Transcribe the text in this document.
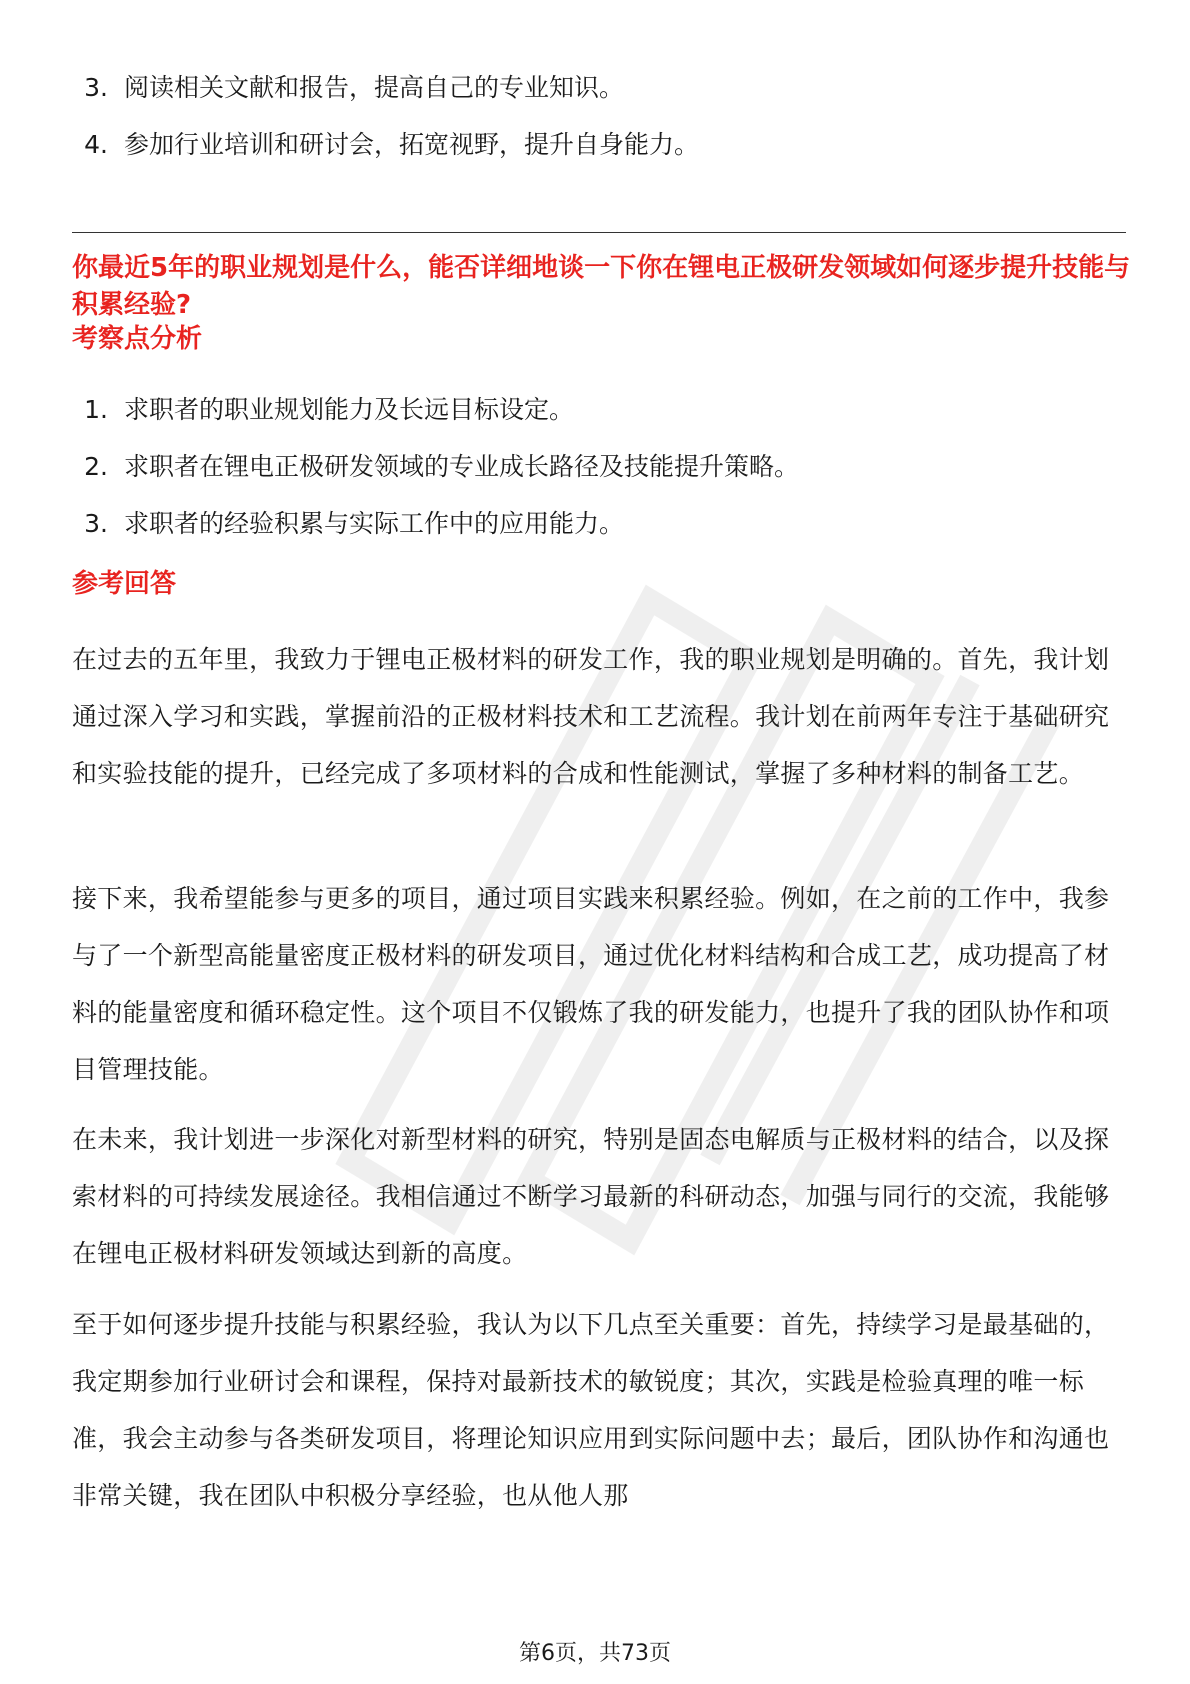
3. 阅读相关文献和报告，提高自己的专业知识。
4. 参加行业培训和研讨会，拓宽视野，提升自身能力。

你最近5年的职业规划是什么，能否详细地谈一下你在锂电正极研发领域如何逐步提升技能与积累经验?

考察点分析

1. 求职者的职业规划能力及长远目标设定。
2. 求职者在锂电正极研发领域的专业成长路径及技能提升策略。
3. 求职者的经验积累与实际工作中的应用能力。

参考回答

在过去的五年里，我致力于锂电正极材料的研发工作，我的职业规划是明确的。首先，我计划通过深入学习和实践，掌握前沿的正极材料技术和工艺流程。我计划在前两年专注于基础研究和实验技能的提升，已经完成了多项材料的合成和性能测试，掌握了多种材料的制备工艺。

接下来，我希望能参与更多的项目，通过项目实践来积累经验。例如，在之前的工作中，我参与了一个新型高能量密度正极材料的研发项目，通过优化材料结构和合成工艺，成功提高了材料的能量密度和循环稳定性。这个项目不仅锻炼了我的研发能力，也提升了我的团队协作和项目管理技能。

在未来，我计划进一步深化对新型材料的研究，特别是固态电解质与正极材料的结合，以及探索材料的可持续发展途径。我相信通过不断学习最新的科研动态，加强与同行的交流，我能够在锂电正极材料研发领域达到新的高度。

至于如何逐步提升技能与积累经验，我认为以下几点至关重要：首先，持续学习是最基础的，我定期参加行业研讨会和课程，保持对最新技术的敏锐度；其次，实践是检验真理的唯一标准，我会主动参与各类研发项目，将理论知识应用到实际问题中去；最后，团队协作和沟通也非常关键，我在团队中积极分享经验，也从他人那

第6页，共73页
